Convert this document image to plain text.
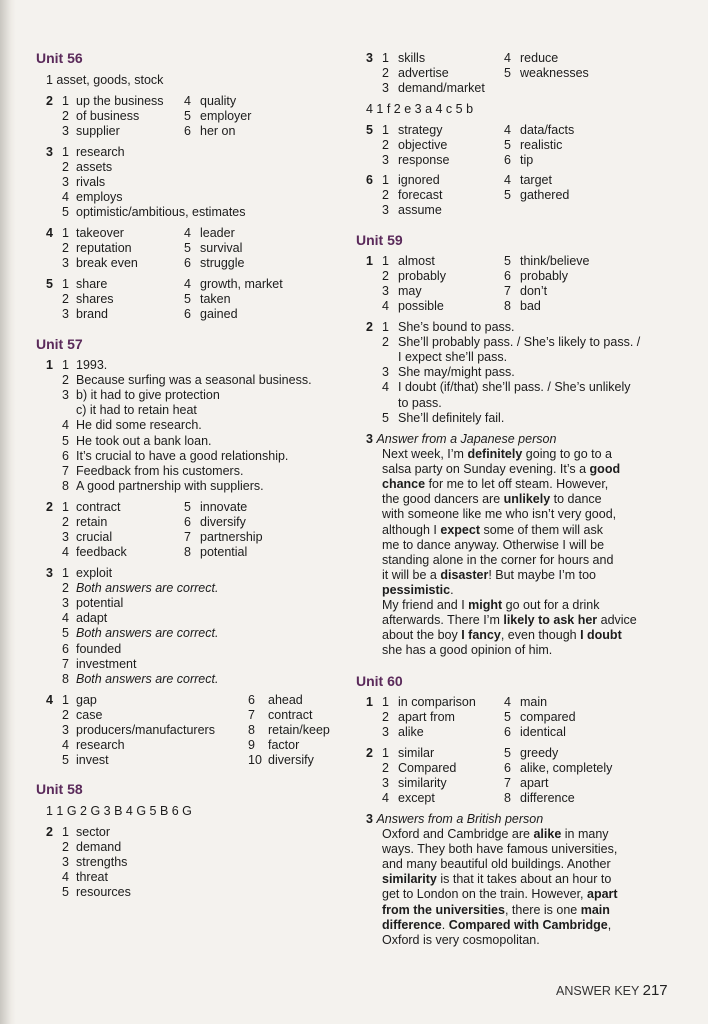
Unit 56
1 asset, goods, stock
2 1 up the business 4 quality
2 of business	5 employer
3 supplier	6 her on
3 1 research
2 assets
3 rivals
4 employs
5 optimistic/ambitious, estimates
4 1 takeover	4 leader
2 reputation	5 survival
3 break even	6 struggle
5 1 share	4 growth, market
2 shares	5 taken
3 brand	6 gained
Unit 57
1 1 1993.
2 Because surfing was a seasonal business.
3 b) it had to give protection
c) it had to retain heat
4 He did some research.
5 He took out a bank loan.
6 It’s crucial to have a good relationship.
7 Feedback from his customers.
8 A good partnership with suppliers.
2 1 contract	5 innovate
2 retain	6 diversify
3 crucial	7 partnership
4 feedback	8 potential
3 1 exploit
2 Both answers are correct.
3 potential
4 adapt
5 Both answers are correct.
6 founded
7 investment
8 Both answers are correct.
4 1 gap	6 ahead
2 case	7 contract
3 producers/manufacturers	8 retain/keep
4 research	9 factor
5 invest	10 diversify
Unit 58
1 1 G 2 G 3 B 4 G 5 B 6 G
2 1 sector
2 demand
3 strengths
4 threat
5 resources
3 1 skills	4 reduce
2 advertise	5 weaknesses
3 demand/market
4 1 f 2 e 3 a 4 c 5 b
5 1 strategy	4 data/facts
2 objective	5 realistic
3 response	6 tip
6 1 ignored	4 target
2 forecast	5 gathered
3 assume
Unit 59
1 1 almost	5 think/believe
2 probably	6 probably
3 may	7 don’t
4 possible	8 bad
2 1 She’s bound to pass.
2 She’ll probably pass. / She’s likely to pass. /
I expect she’ll pass.
3 She may/might pass.
4 I doubt (if/that) she’ll pass. / She’s unlikely
to pass.
5 She’ll definitely fail.
3 Answer from a Japanese person
Next week, I’m definitely going to go to a
salsa party on Sunday evening. It’s a good
chance for me to let off steam. However,
the good dancers are unlikely to dance
with someone like me who isn’t very good,
although I expect some of them will ask
me to dance anyway. Otherwise I will be
standing alone in the corner for hours and
it will be a disaster! But maybe I’m too
pessimistic.
My friend and I might go out for a drink
afterwards. There I’m likely to ask her advice
about the boy I fancy, even though I doubt
she has a good opinion of him.
Unit 60
1 1 in comparison 4 main
2 apart from	5 compared
3 alike	6 identical
2 1 similar	5 greedy
2 Compared	6 alike, completely
3 similarity	7 apart
4 except	8 difference
3 Answers from a British person
Oxford and Cambridge are alike in many
ways. They both have famous universities,
and many beautiful old buildings. Another
similarity is that it takes about an hour to
get to London on the train. However, apart
from the universities, there is one main
difference. Compared with Cambridge,
Oxford is very cosmopolitan.
ANSWER KEY 217
